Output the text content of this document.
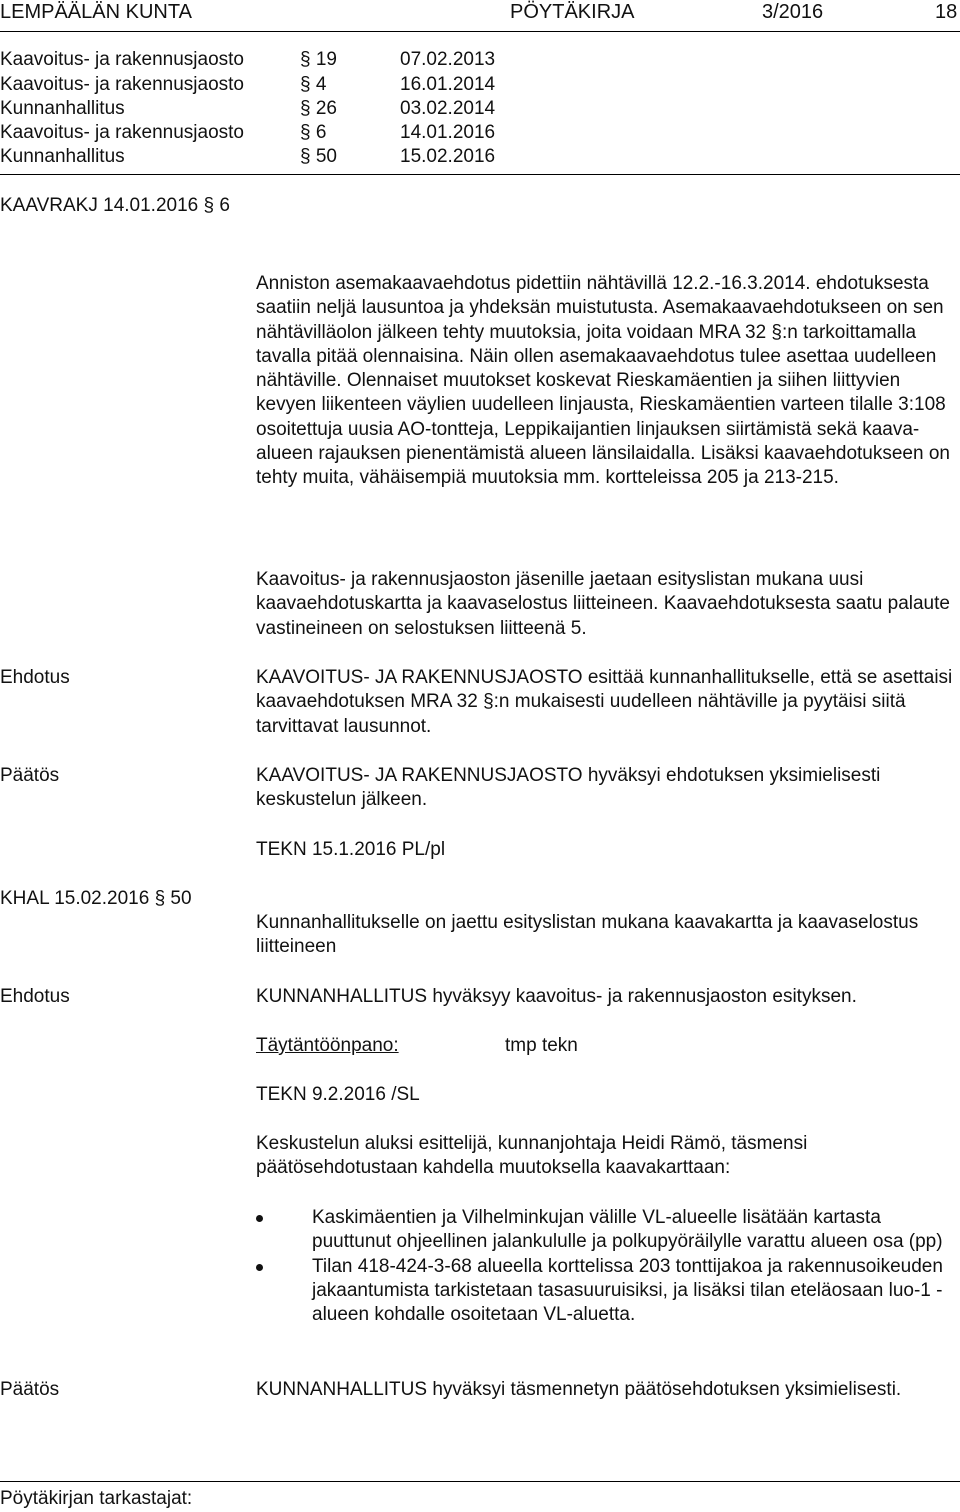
LEMPÄÄLÄN KUNTA	PÖYTÄKIRJA	3/2016	18
Kaavoitus- ja rakennusjaosto	§ 19	07.02.2013
Kaavoitus- ja rakennusjaosto	§ 4	16.01.2014
Kunnanhallitus	§ 26	03.02.2014
Kaavoitus- ja rakennusjaosto	§ 6	14.01.2016
Kunnanhallitus	§ 50	15.02.2016
KAAVRAKJ 14.01.2016 § 6
Anniston asemakaavaehdotus pidettiin nähtävillä 12.2.-16.3.2014. ehdotuksesta saatiin neljä lausuntoa ja yhdeksän muistutusta. Asemakaavaehdotukseen on sen nähtävilläolon jälkeen tehty muutoksia, joita voidaan MRA 32 §:n tarkoittamalla tavalla pitää olennaisina. Näin ollen asemakaavaehdotus tulee asettaa uudelleen nähtäville. Olennaiset muutokset koskevat Rieskamäentien ja siihen liittyvien kevyen liikenteen väylien uudelleen linjausta, Rieskamäentien varteen tilalle 3:108 osoitettuja uusia AO-tontteja, Leppikaijantien linjauksen siirtämistä sekä kaava-alueen rajauksen pienentämistä alueen länsilaidalla. Lisäksi kaavaehdotukseen on tehty muita, vähäisempiä muutoksia mm. kortteleissa 205 ja 213-215.
Kaavoitus- ja rakennusjaoston jäsenille jaetaan esityslistan mukana uusi kaavaehdotuskartta ja kaavaselostus liitteineen. Kaavaehdotuksesta saatu palaute vastineineen on selostuksen liitteenä 5.
Ehdotus	KAAVOITUS- JA RAKENNUSJAOSTO esittää kunnanhallitukselle, että se asettaisi kaavaehdotuksen MRA 32 §:n mukaisesti uudelleen nähtäville ja pyytäisi siitä tarvittavat lausunnot.
Päätös	KAAVOITUS- JA RAKENNUSJAOSTO hyväksyi ehdotuksen yksimielisesti keskustelun jälkeen.
TEKN 15.1.2016 PL/pl
KHAL 15.02.2016 § 50
Kunnanhallitukselle on jaettu esityslistan mukana kaavakartta ja kaavaselostus liitteineen
Ehdotus	KUNNANHALLITUS hyväksyy kaavoitus- ja rakennusjaoston esityksen.
Täytäntöönpano:	tmp tekn
TEKN 9.2.2016 /SL
Keskustelun aluksi esittelijä, kunnanjohtaja Heidi Rämö, täsmensi päätösehdotustaan kahdella muutoksella kaavakarttaan:
Kaskimäentien ja Vilhelminkujan välille VL-alueelle lisätään kartasta puuttunut ohjeellinen jalankululle ja polkupyöräilylle varattu alueen osa (pp)
Tilan 418-424-3-68 alueella korttelissa 203 tonttijakoa ja rakennusoikeuden jakaantumista tarkistetaan tasasuuruisiksi, ja lisäksi tilan eteläosaan luo-1 -alueen kohdalle osoitetaan VL-aluetta.
Päätös	KUNNANHALLITUS hyväksyi täsmennetyn päätösehdotuksen yksimielisesti.
Pöytäkirjan tarkastajat:
